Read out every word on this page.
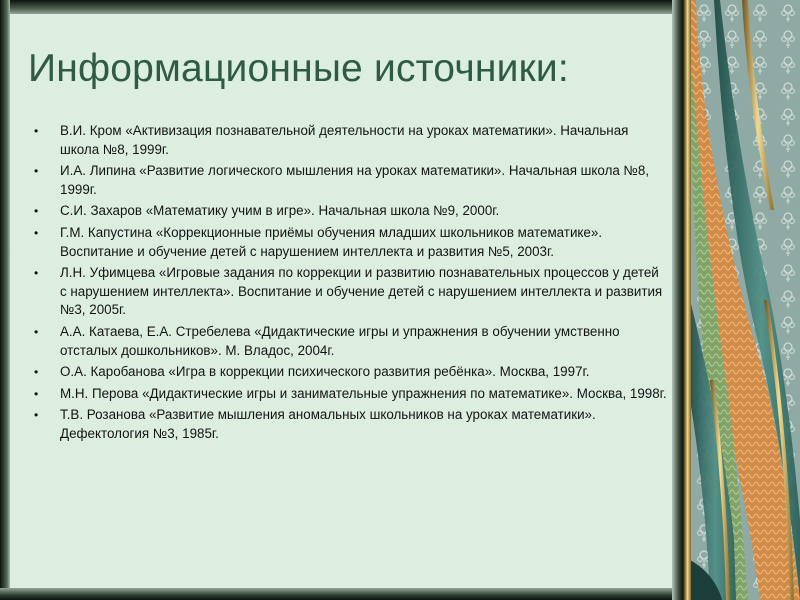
Информационные источники:
• В.И. Кром «Активизация познавательной деятельности на уроках математики». Начальная школа №8, 1999г.
• И.А. Липина «Развитие логического мышления на уроках математики». Начальная школа №8, 1999г.
• С.И. Захаров «Математику учим в игре». Начальная школа №9, 2000г.
• Г.М. Капустина «Коррекционные приёмы обучения младших школьников математике». Воспитание и обучение детей с нарушением интеллекта и развития №5, 2003г.
• Л.Н. Уфимцева «Игровые задания по коррекции и развитию познавательных процессов у детей с нарушением интеллекта». Воспитание и обучение детей с нарушением интеллекта и развития №3, 2005г.
• А.А. Катаева, Е.А. Стребелева «Дидактические игры и упражнения в обучении умственно отсталых дошкольников». М. Владос, 2004г.
• О.А. Каробанова «Игра в коррекции психического развития ребёнка». Москва, 1997г.
• М.Н. Перова «Дидактические игры и занимательные упражнения по математике». Москва, 1998г.
• Т.В. Розанова «Развитие мышления аномальных школьников на уроках математики». Дефектология №3, 1985г.
